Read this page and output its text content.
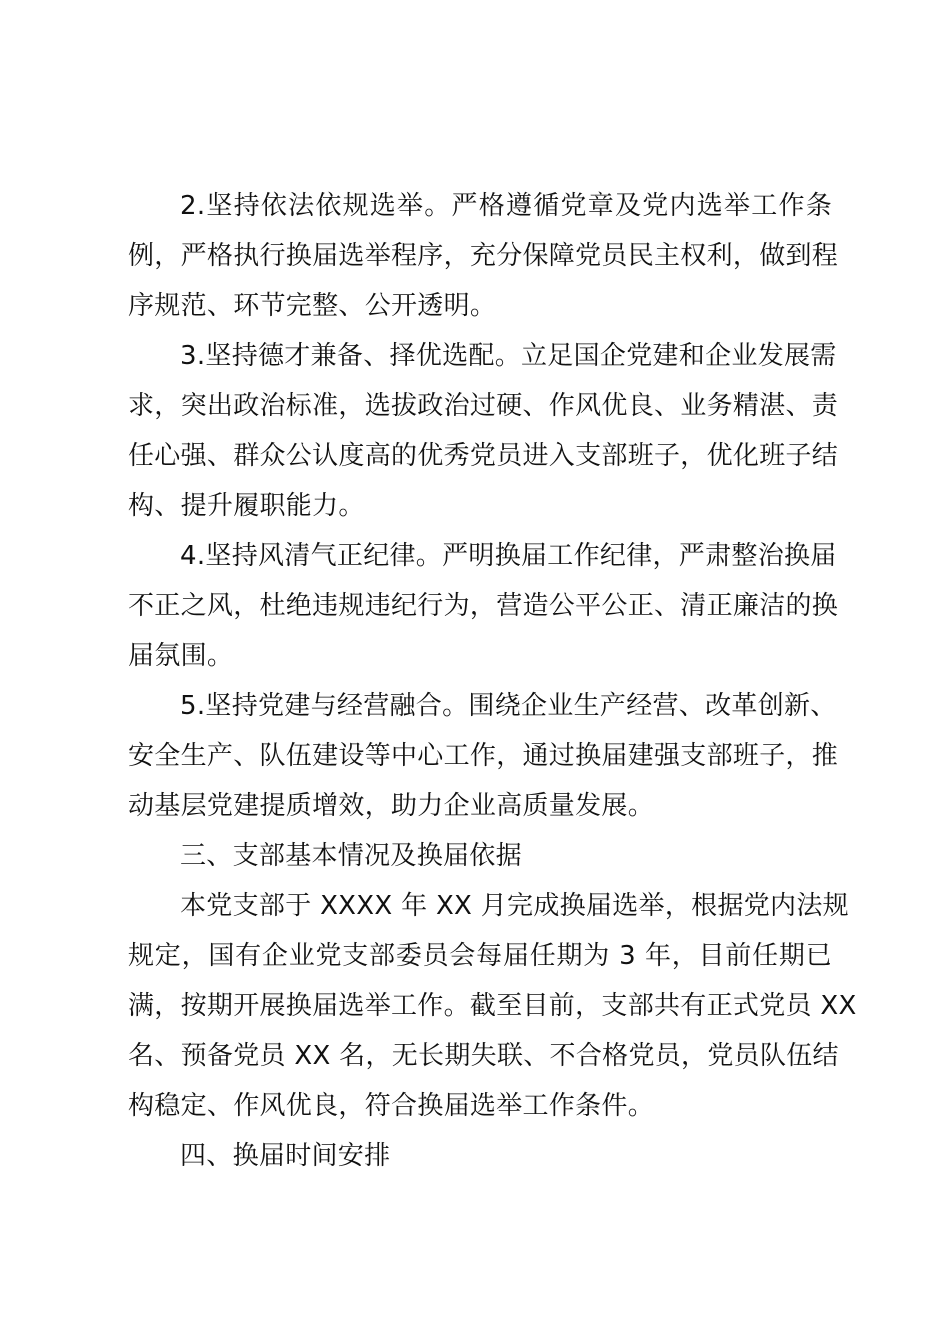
2.坚持依法依规选举。严格遵循党章及党内选举工作条
例，严格执行换届选举程序，充分保障党员民主权利，做到程
序规范、环节完整、公开透明。

3.坚持德才兼备、择优选配。立足国企党建和企业发展需
求，突出政治标准，选拔政治过硬、作风优良、业务精湛、责
任心强、群众公认度高的优秀党员进入支部班子，优化班子结
构、提升履职能力。

4.坚持风清气正纪律。严明换届工作纪律，严肃整治换届
不正之风，杜绝违规违纪行为，营造公平公正、清正廉洁的换
届氛围。

5.坚持党建与经营融合。围绕企业生产经营、改革创新、
安全生产、队伍建设等中心工作，通过换届建强支部班子，推
动基层党建提质增效，助力企业高质量发展。

三、支部基本情况及换届依据

本党支部于 XXXX 年 XX 月完成换届选举，根据党内法规
规定，国有企业党支部委员会每届任期为 3 年，目前任期已
满，按期开展换届选举工作。截至目前，支部共有正式党员 XX
名、预备党员 XX 名，无长期失联、不合格党员，党员队伍结
构稳定、作风优良，符合换届选举工作条件。

四、换届时间安排
